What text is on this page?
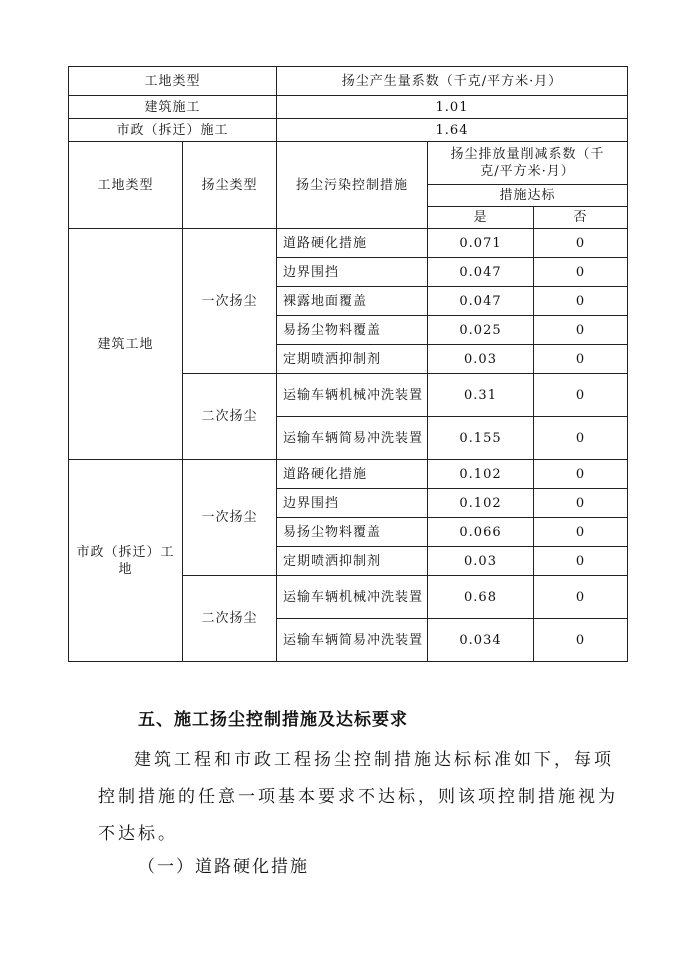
工地类型		扬尘产生量系数（千克/平方米·月）		
建筑施工		1.01		
市政（拆迁）施工		1.64		
工地类型	扬尘类型	扬尘污染控制措施	扬尘排放量削减系数（千克/平方米·月）	
			措施达标	
			是	否
建筑工地	一次扬尘	道路硬化措施	0.071	0
		边界围挡	0.047	0
		裸露地面覆盖	0.047	0
		易扬尘物料覆盖	0.025	0
		定期喷洒抑制剂	0.03	0
	二次扬尘	运输车辆机械冲洗装置	0.31	0
		运输车辆简易冲洗装置	0.155	0
市政（拆迁）工地	一次扬尘	道路硬化措施	0.102	0
		边界围挡	0.102	0
		易扬尘物料覆盖	0.066	0
		定期喷洒抑制剂	0.03	0
	二次扬尘	运输车辆机械冲洗装置	0.68	0
		运输车辆简易冲洗装置	0.034	0
五、施工扬尘控制措施及达标要求
建筑工程和市政工程扬尘控制措施达标标准如下，每项控制措施的任意一项基本要求不达标，则该项控制措施视为不达标。
（一）道路硬化措施
